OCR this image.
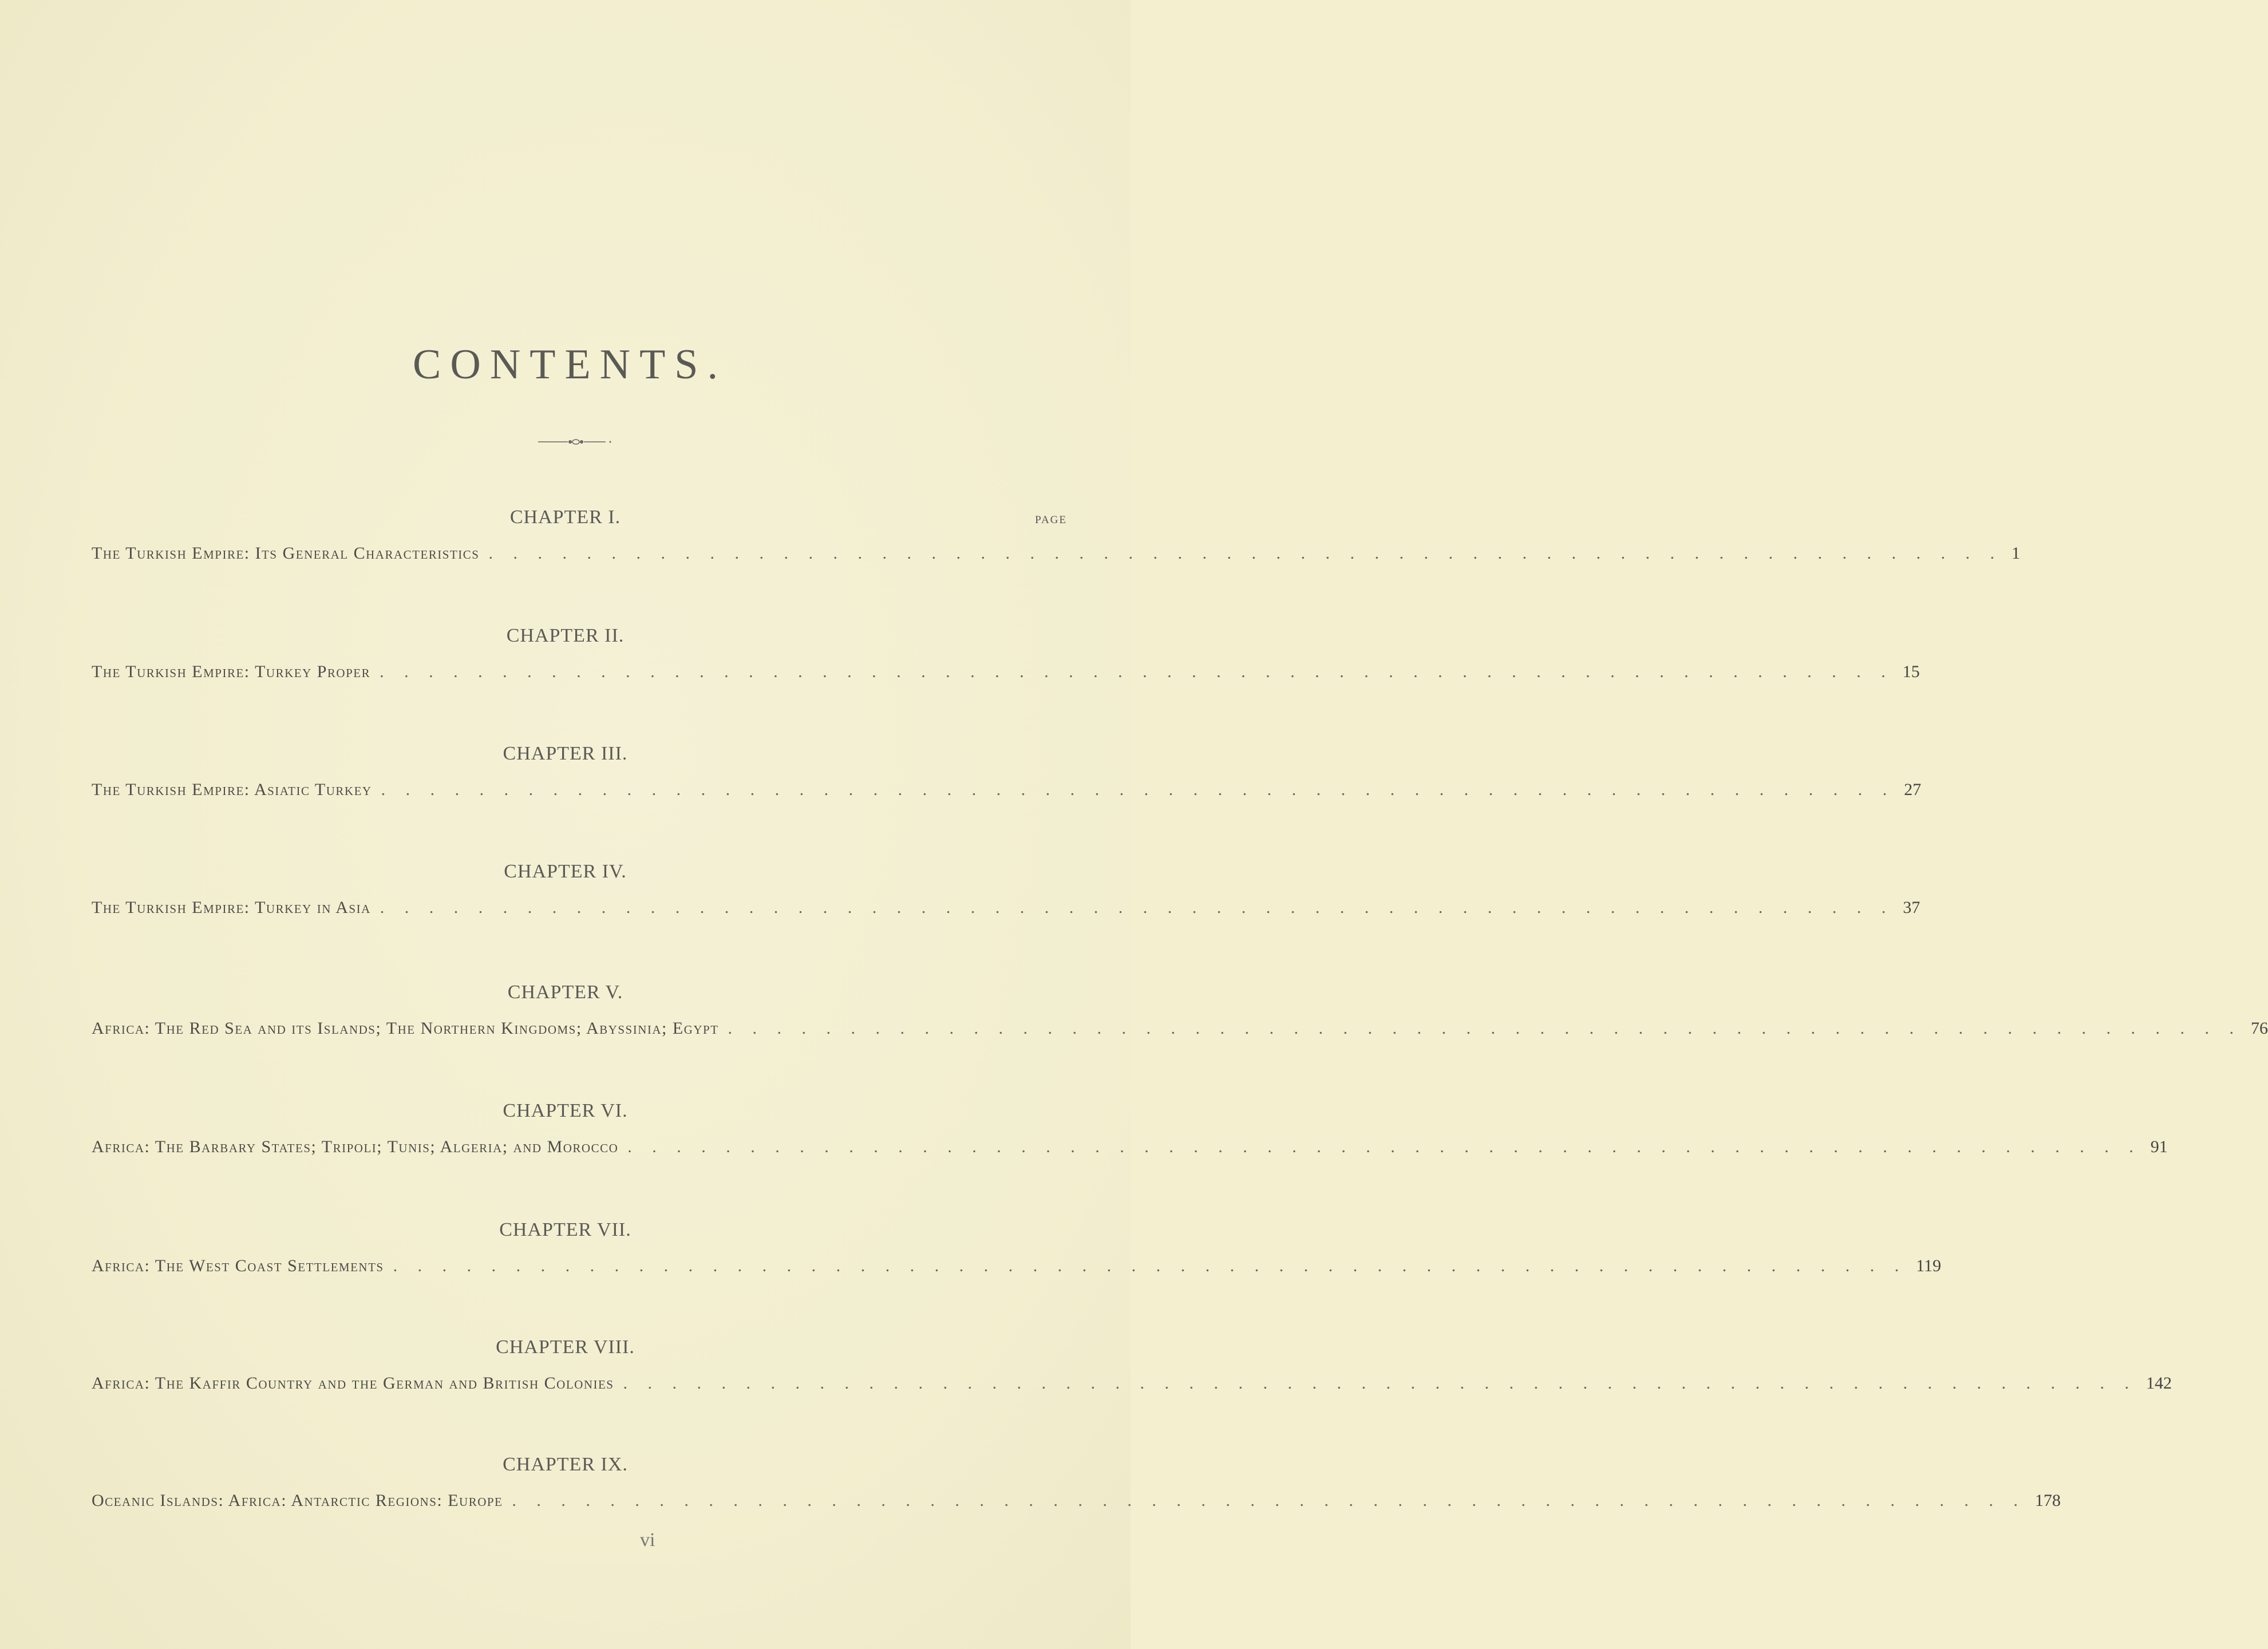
CONTENTS.
PAGE
CHAPTER I.
The Turkish Empire: Its General Characteristics . . . . . . . . . . . . . . . . . . . . . . . . . . . . . . . . . . . . . . . . . . . . . . . . . . . . . . . . . . . . . . 1
CHAPTER II.
The Turkish Empire: Turkey Proper . . . . . . . . . . . . . . . . . . . . . . . . . . . . . . . . . . . . . . . . . . . . . . . . . . . . . . . . . . . . . . 15
CHAPTER III.
The Turkish Empire: Asiatic Turkey . . . . . . . . . . . . . . . . . . . . . . . . . . . . . . . . . . . . . . . . . . . . . . . . . . . . . . . . . . . . . . 27
CHAPTER IV.
The Turkish Empire: Turkey in Asia . . . . . . . . . . . . . . . . . . . . . . . . . . . . . . . . . . . . . . . . . . . . . . . . . . . . . . . . . . . . . . 37
CHAPTER V.
Africa: The Red Sea and its Islands; The Northern Kingdoms; Abyssinia; Egypt . . . . . . . . . . . . . . . . . . . . . . . . . . . . . . . . . . . . . . . . . . . . . . . . . . . . . . . . . . . . . . 76
CHAPTER VI.
Africa: The Barbary States; Tripoli; Tunis; Algeria; and Morocco . . . . . . . . . . . . . . . . . . . . . . . . . . . . . . . . . . . . . . . . . . . . . . . . . . . . . . . . . . . . . . 91
CHAPTER VII.
Africa: The West Coast Settlements . . . . . . . . . . . . . . . . . . . . . . . . . . . . . . . . . . . . . . . . . . . . . . . . . . . . . . . . . . . . . . 119
CHAPTER VIII.
Africa: The Kaffir Country and the German and British Colonies . . . . . . . . . . . . . . . . . . . . . . . . . . . . . . . . . . . . . . . . . . . . . . . . . . . . . . . . . . . . . . 142
CHAPTER IX.
Oceanic Islands: Africa: Antarctic Regions: Europe . . . . . . . . . . . . . . . . . . . . . . . . . . . . . . . . . . . . . . . . . . . . . . . . . . . . . . . . . . . . . . 178
vi
